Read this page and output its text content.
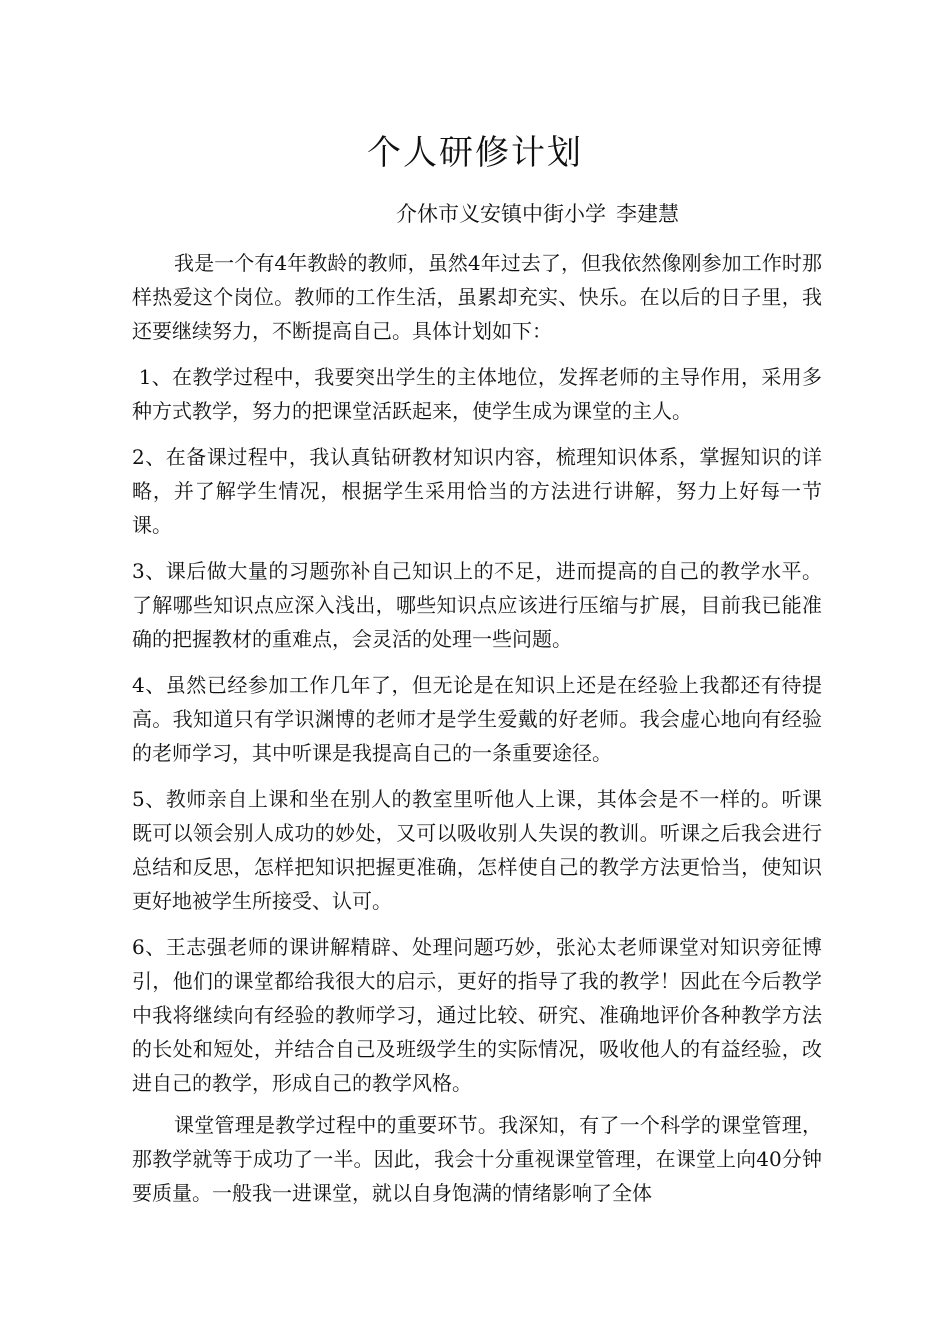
个人研修计划
介休市义安镇中街小学 李建慧

我是一个有4年教龄的教师，虽然4年过去了，但我依然像刚参加工作时那样热爱这个岗位。教师的工作生活，虽累却充实、快乐。在以后的日子里，我还要继续努力，不断提高自己。具体计划如下：

1、在教学过程中，我要突出学生的主体地位，发挥老师的主导作用，采用多种方式教学，努力的把课堂活跃起来，使学生成为课堂的主人。

2、在备课过程中，我认真钻研教材知识内容，梳理知识体系，掌握知识的详略，并了解学生情况，根据学生采用恰当的方法进行讲解，努力上好每一节课。

3、课后做大量的习题弥补自己知识上的不足，进而提高的自己的教学水平。了解哪些知识点应深入浅出，哪些知识点应该进行压缩与扩展，目前我已能准确的把握教材的重难点，会灵活的处理一些问题。

4、虽然已经参加工作几年了，但无论是在知识上还是在经验上我都还有待提高。我知道只有学识渊博的老师才是学生爱戴的好老师。我会虚心地向有经验的老师学习，其中听课是我提高自己的一条重要途径。

5、教师亲自上课和坐在别人的教室里听他人上课，其体会是不一样的。听课既可以领会别人成功的妙处，又可以吸收别人失误的教训。听课之后我会进行总结和反思，怎样把知识把握更准确，怎样使自己的教学方法更恰当，使知识更好地被学生所接受、认可。

6、王志强老师的课讲解精辟、处理问题巧妙，张沁太老师课堂对知识旁征博引，他们的课堂都给我很大的启示，更好的指导了我的教学！因此在今后教学中我将继续向有经验的教师学习，通过比较、研究、准确地评价各种教学方法的长处和短处，并结合自己及班级学生的实际情况，吸收他人的有益经验，改进自己的教学，形成自己的教学风格。

课堂管理是教学过程中的重要环节。我深知，有了一个科学的课堂管理，那教学就等于成功了一半。因此，我会十分重视课堂管理，在课堂上向40分钟要质量。一般我一进课堂，就以自身饱满的情绪影响了全体
